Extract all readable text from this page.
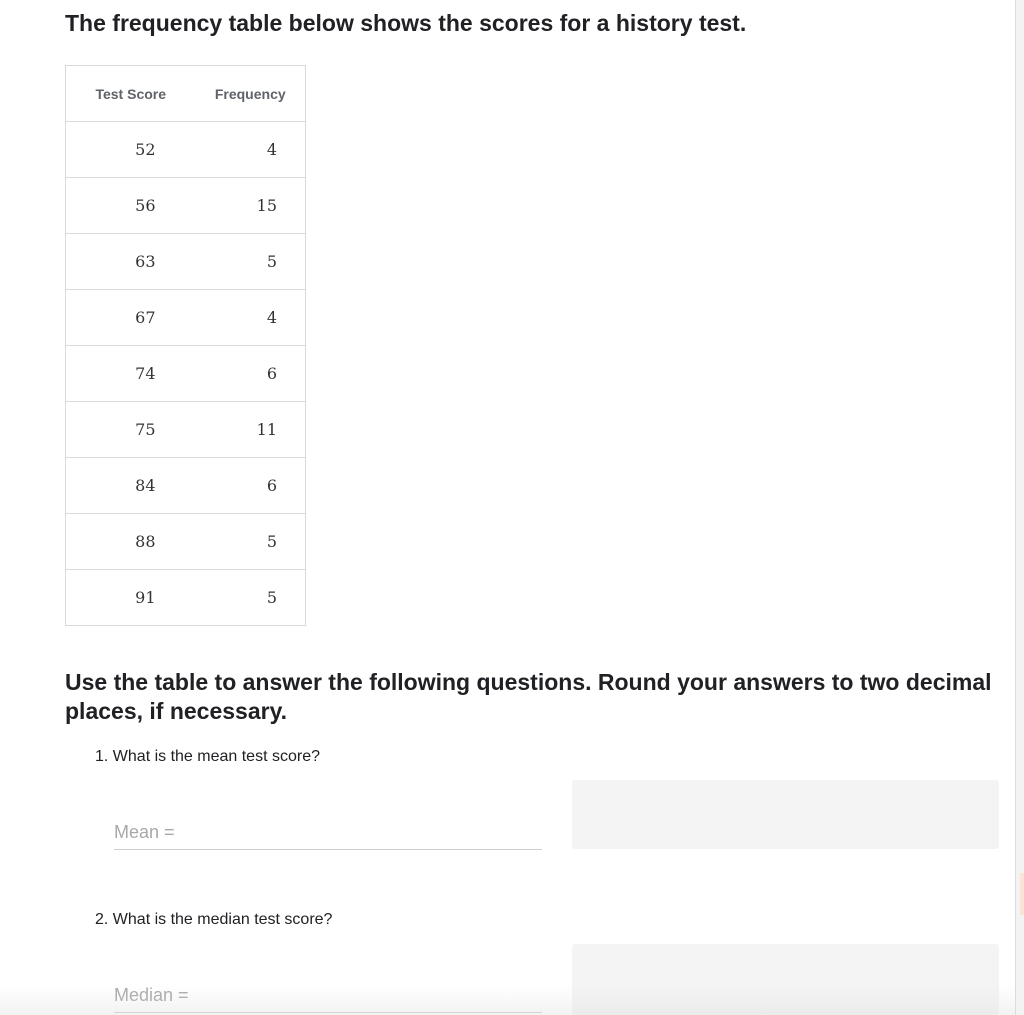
The frequency table below shows the scores for a history test.
Test Score	Frequency
52	4
56	15
63	5
67	4
74	6
75	11
84	6
88	5
91	5
Use the table to answer the following questions. Round your answers to two decimal places, if necessary.

1. What is the mean test score?

Mean =

2. What is the median test score?

Median =
